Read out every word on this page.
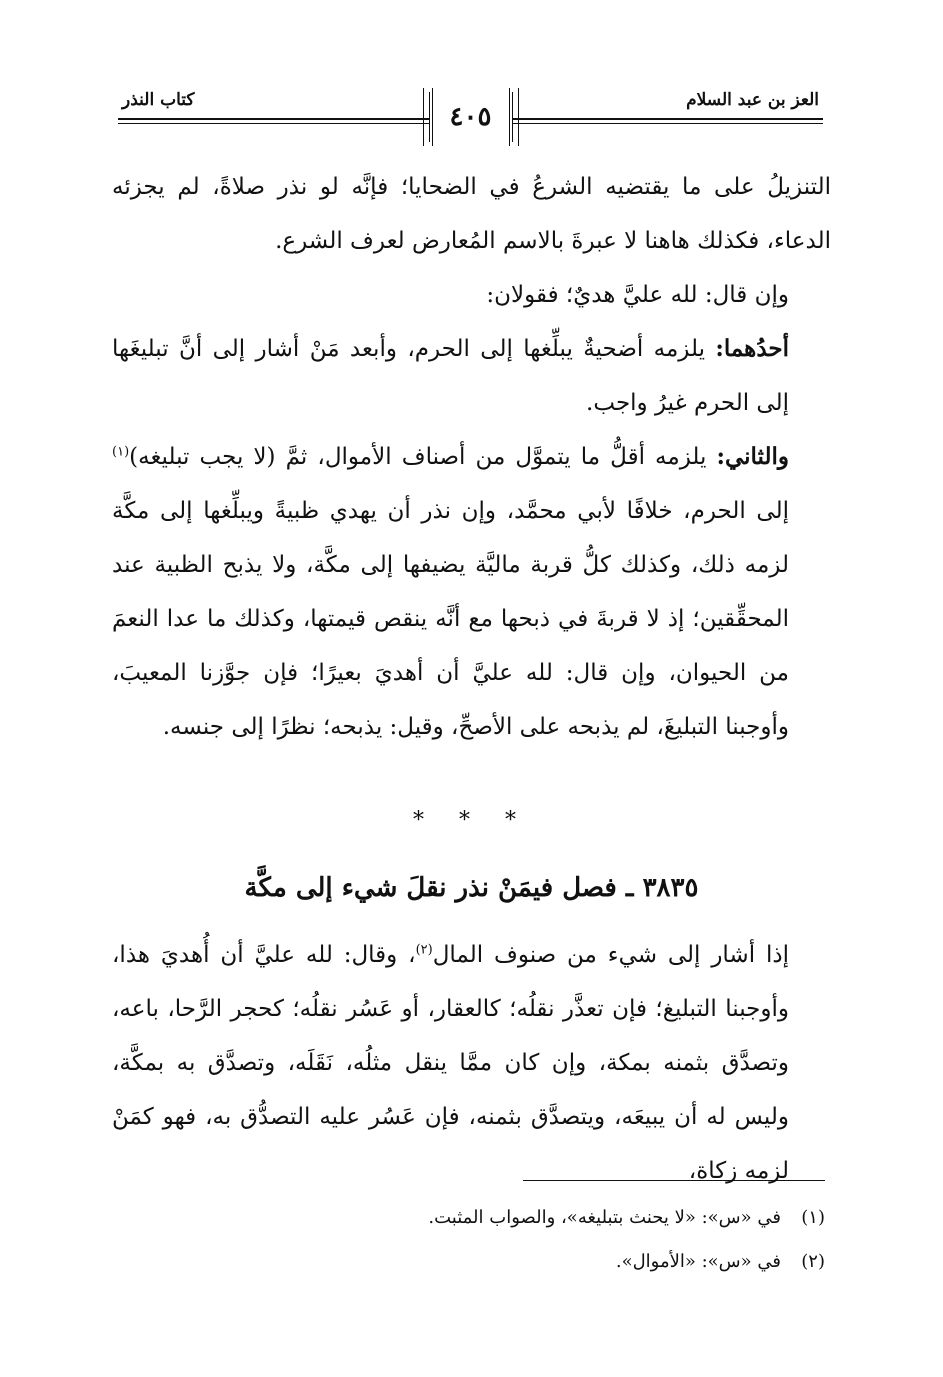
العز بن عبد السلام
كتاب النذر
٤٠٥

التنزيلُ على ما يقتضيه الشرعُ في الضحايا؛ فإنَّه لو نذر صلاةً، لم يجزئه الدعاء، فكذلك هاهنا لا عبرةَ بالاسم المُعارض لعرف الشرع.

وإن قال: لله عليَّ هديٌ؛ فقولان:

أحدُهما: يلزمه أضحيةٌ يبلِّغها إلى الحرم، وأبعد مَنْ أشار إلى أنَّ تبليغَها إلى الحرم غيرُ واجب.

والثاني: يلزمه أقلُّ ما يتموَّل من أصناف الأموال، ثمَّ (لا يجب تبليغه)$^{(١)}$ إلى الحرم، خلافًا لأبي محمَّد، وإن نذر أن يهدي ظبيةً ويبلِّغها إلى مكَّة لزمه ذلك، وكذلك كلُّ قربة ماليَّة يضيفها إلى مكَّة، ولا يذبح الظبية عند المحقِّقين؛ إذ لا قربةَ في ذبحها مع أنَّه ينقص قيمتها، وكذلك ما عدا النعمَ من الحيوان، وإن قال: لله عليَّ أن أهديَ بعيرًا؛ فإن جوَّزنا المعيبَ، وأوجبنا التبليغَ، لم يذبحه على الأصحِّ، وقيل: يذبحه؛ نظرًا إلى جنسه.

* * *
٣٨٣٥ ـ فصل فيمَنْ نذر نقلَ شيء إلى مكَّة

إذا أشار إلى شيء من صنوف المال$^{(٢)}$، وقال: لله عليَّ أن أُهديَ هذا، وأوجبنا التبليغ؛ فإن تعذَّر نقلُه؛ كالعقار، أو عَسُر نقلُه؛ كحجر الرَّحا، باعه، وتصدَّق بثمنه بمكة، وإن كان ممَّا ينقل مثلُه، نَقَلَه، وتصدَّق به بمكَّة، وليس له أن يبيعَه، ويتصدَّق بثمنه، فإن عَسُر عليه التصدُّق به، فهو كمَنْ لزمه زكاة،

(١)في «س»: «لا يحنث بتبليغه»، والصواب المثبت.
(٢)في «س»: «الأموال».
